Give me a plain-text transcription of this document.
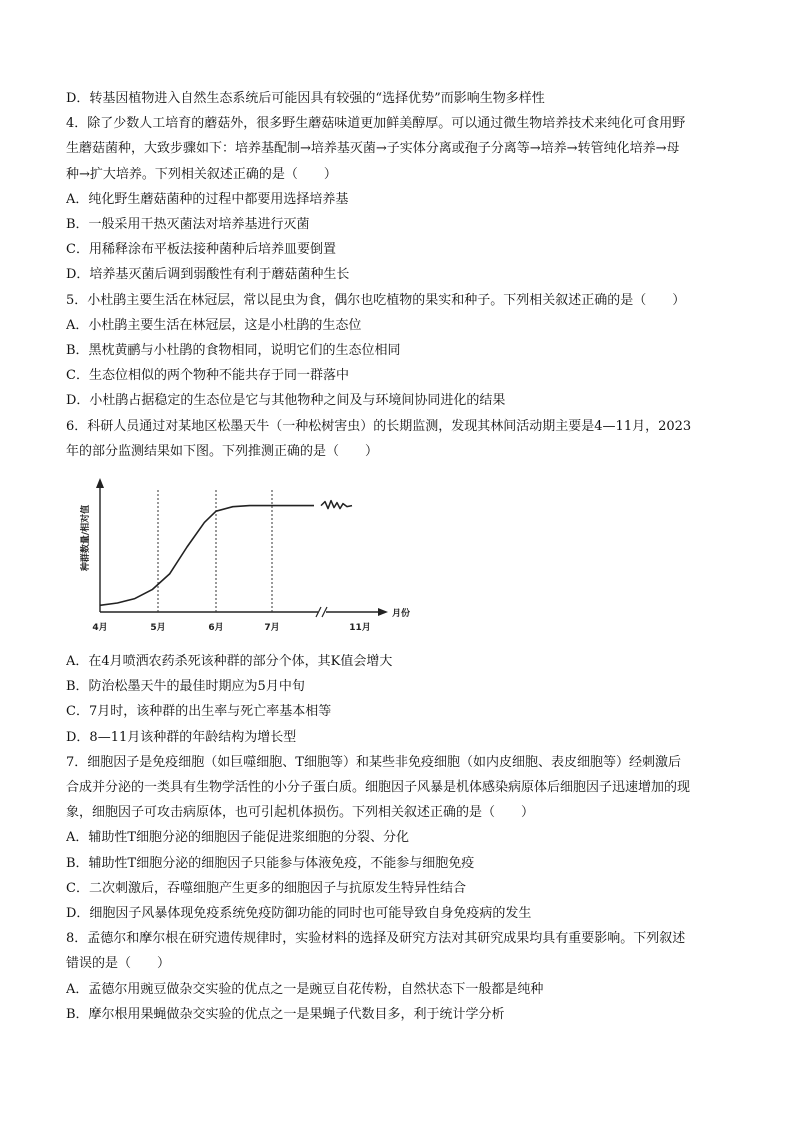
D．转基因植物进入自然生态系统后可能因具有较强的“选择优势”而影响生物多样性
4．除了少数人工培育的蘑菇外，很多野生蘑菇味道更加鲜美醇厚。可以通过微生物培养技术来纯化可食用野
生蘑菇菌种，大致步骤如下：培养基配制→培养基灭菌→子实体分离或孢子分离等→培养→转管纯化培养→母
种→扩大培养。下列相关叙述正确的是（　　）
A．纯化野生蘑菇菌种的过程中都要用选择培养基
B．一般采用干热灭菌法对培养基进行灭菌
C．用稀释涂布平板法接种菌种后培养皿要倒置
D．培养基灭菌后调到弱酸性有利于蘑菇菌种生长
5．小杜鹃主要生活在林冠层，常以昆虫为食，偶尔也吃植物的果实和种子。下列相关叙述正确的是（　　）
A．小杜鹃主要生活在林冠层，这是小杜鹃的生态位
B．黑枕黄鹂与小杜鹃的食物相同，说明它们的生态位相同
C．生态位相似的两个物种不能共存于同一群落中
D．小杜鹃占据稳定的生态位是它与其他物种之间及与环境间协同进化的结果
6．科研人员通过对某地区松墨天牛（一种松树害虫）的长期监测，发现其林间活动期主要是4—11月，2023
年的部分监测结果如下图。下列推测正确的是（　　）
4月	5月	6月	7月	11月
月份
种群数量/相对值
A．在4月喷洒农药杀死该种群的部分个体，其K值会增大
B．防治松墨天牛的最佳时期应为5月中旬
C．7月时，该种群的出生率与死亡率基本相等
D．8—11月该种群的年龄结构为增长型
7．细胞因子是免疫细胞（如巨噬细胞、T细胞等）和某些非免疫细胞（如内皮细胞、表皮细胞等）经刺激后
合成并分泌的一类具有生物学活性的小分子蛋白质。细胞因子风暴是机体感染病原体后细胞因子迅速增加的现
象，细胞因子可攻击病原体，也可引起机体损伤。下列相关叙述正确的是（　　）
A．辅助性T细胞分泌的细胞因子能促进浆细胞的分裂、分化
B．辅助性T细胞分泌的细胞因子只能参与体液免疫，不能参与细胞免疫
C．二次刺激后，吞噬细胞产生更多的细胞因子与抗原发生特异性结合
D．细胞因子风暴体现免疫系统免疫防御功能的同时也可能导致自身免疫病的发生
8．孟德尔和摩尔根在研究遗传规律时，实验材料的选择及研究方法对其研究成果均具有重要影响。下列叙述
错误的是（　　）
A．孟德尔用豌豆做杂交实验的优点之一是豌豆自花传粉，自然状态下一般都是纯种
B．摩尔根用果蝇做杂交实验的优点之一是果蝇子代数目多，利于统计学分析
